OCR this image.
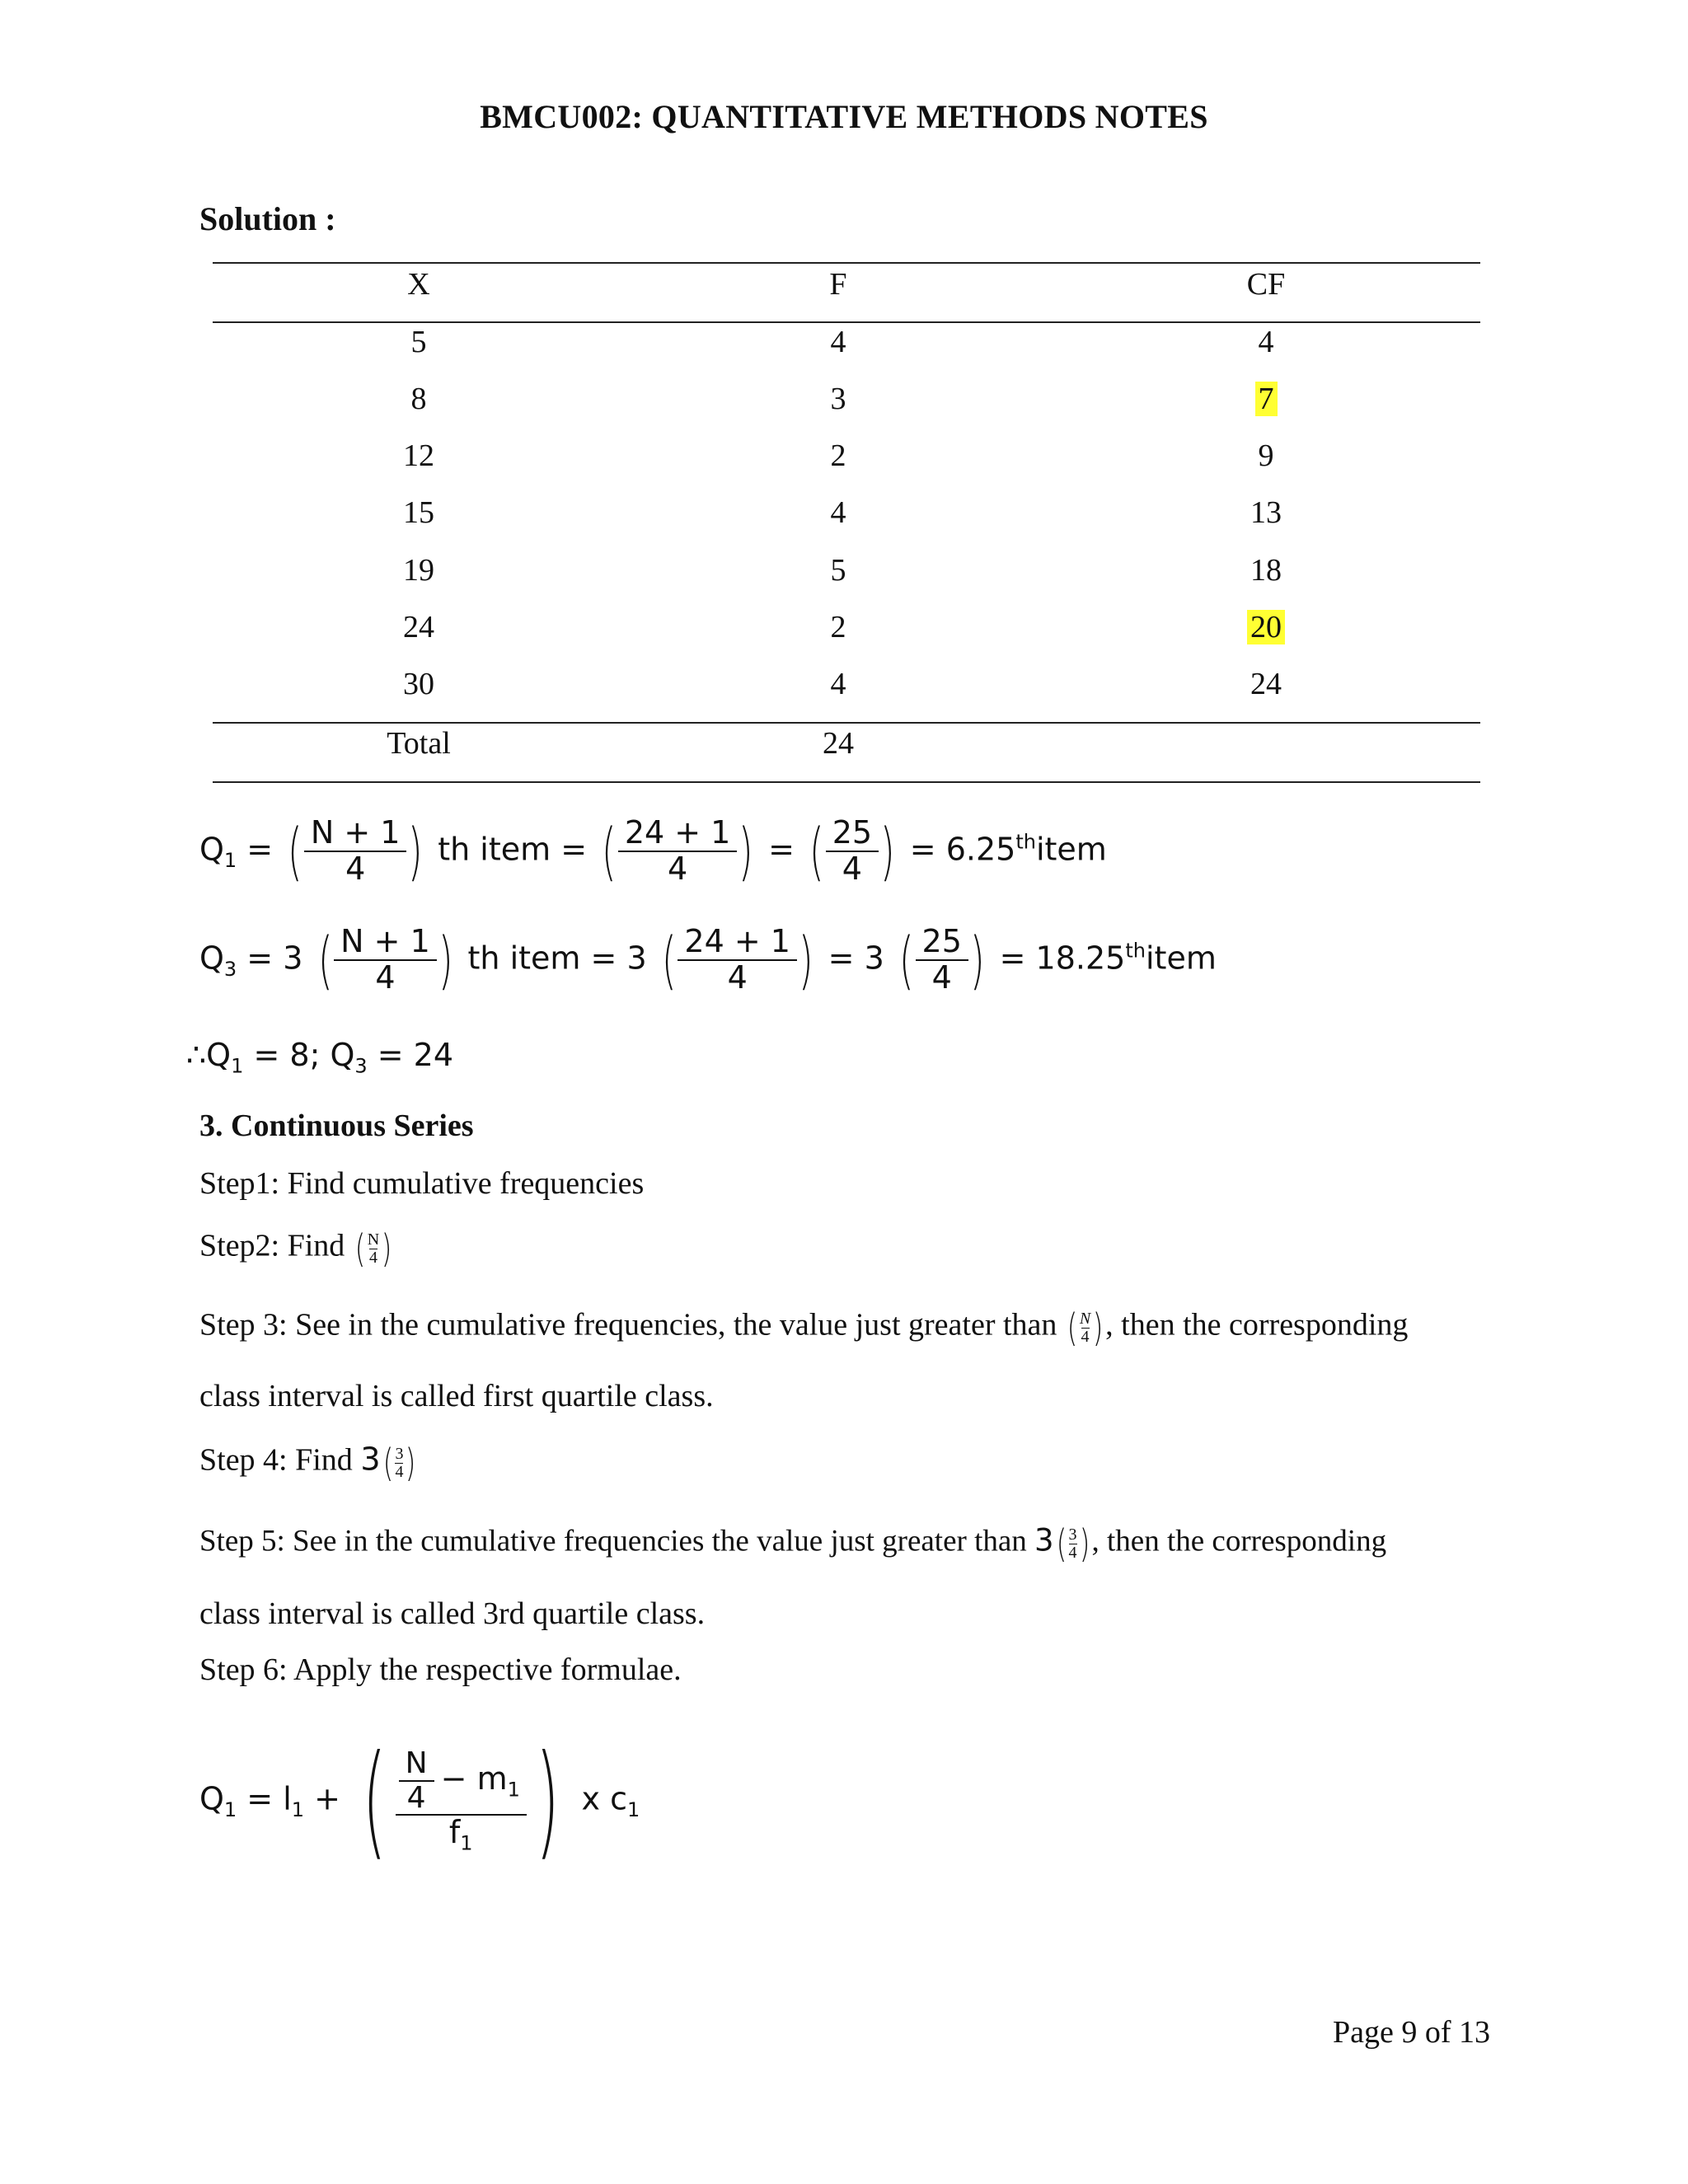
BMCU002: QUANTITATIVE METHODS NOTES
Solution :
X	F	CF
5	4	4
8	3	7
12	2	9
15	4	13
19	5	18
24	2	20
30	4	24
Total	24
$Q_1$ = ( $\frac{N + 1}{4}$ ) th item = ( $\frac{24 + 1}{4}$ ) = ( $\frac{25}{4}$ ) = 6.25thitem
$Q_3 = 3$ ( $\frac{N + 1}{4}$ ) th item = 3 ( $\frac{24 + 1}{4}$ ) = 3 ( $\frac{25}{4}$ ) = 18.25thitem
$\therefore Q_1 = 8$; $Q_3 = 24$
3. Continuous Series
Step1: Find cumulative frequencies
Step2: Find ( $\frac{N}{4}$ )
Step 3: See in the cumulative frequencies, the value just greater than ( $\frac{N}{4}$ ), then the corresponding
class interval is called first quartile class.
Step 4: Find $3( \frac{3}{4}$ )
Step 5: See in the cumulative frequencies the value just greater than $3( \frac{3}{4}$ ), then the corresponding
class interval is called 3rd quartile class.
Step 6: Apply the respective formulae.
$Q_1 = l_1$ + ( $\frac{\frac{N}{4} - m_1}{f_1}$ ) x $c_1$
Page 9 of 13
